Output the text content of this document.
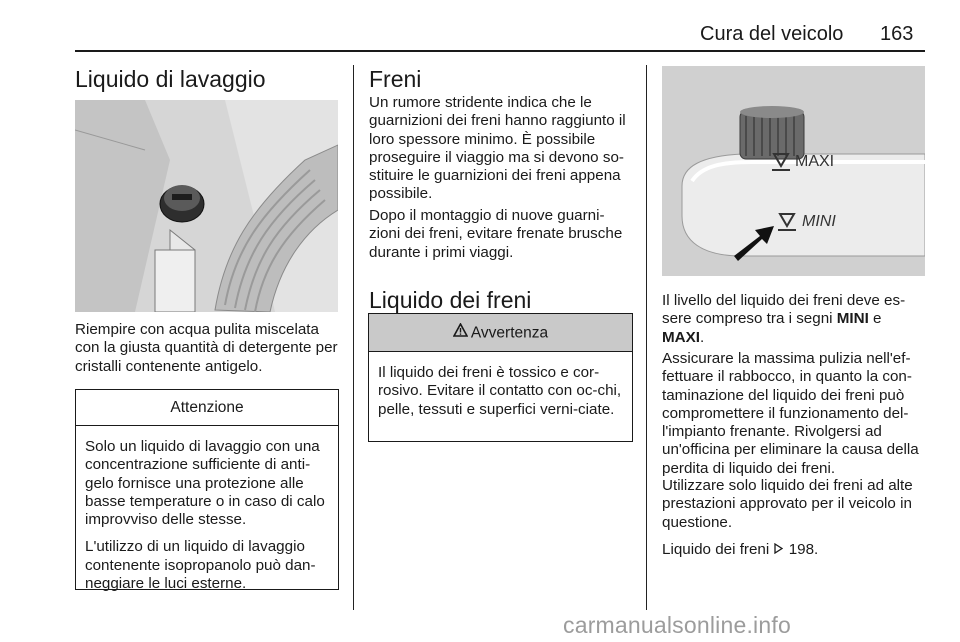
Cura del veicolo 163
Liquido di lavaggio

Riempire con acqua pulita miscelata con la giusta quantità di detergente per cristalli contenente antigelo.

Attenzione

Solo un liquido di lavaggio con una concentrazione sufficiente di anti-gelo fornisce una protezione alle basse temperature o in caso di calo improvviso delle stesse.

L'utilizzo di un liquido di lavaggio contenente isopropanolo può dan-neggiare le luci esterne.

Freni

Un rumore stridente indica che le guarnizioni dei freni hanno raggiunto il loro spessore minimo. È possibile proseguire il viaggio ma si devono so-stituire le guarnizioni dei freni appena possibile.

Dopo il montaggio di nuove guarni-zioni dei freni, evitare frenate brusche durante i primi viaggi.

Liquido dei freni
Avvertenza

Il liquido dei freni è tossico e cor-rosivo. Evitare il contatto con oc-chi, pelle, tessuti e superfici verni-ciate.

MAXI
MINI

Il livello del liquido dei freni deve es-sere compreso tra i segni MINI e MAXI.

Assicurare la massima pulizia nell'ef-fettuare il rabbocco, in quanto la con-taminazione del liquido dei freni può compromettere il funzionamento del-l'impianto frenante. Rivolgersi ad un'officina per eliminare la causa della perdita di liquido dei freni.

Utilizzare solo liquido dei freni ad alte prestazioni approvato per il veicolo in questione.

Liquido dei freni 198.

carmanualsonline.info
